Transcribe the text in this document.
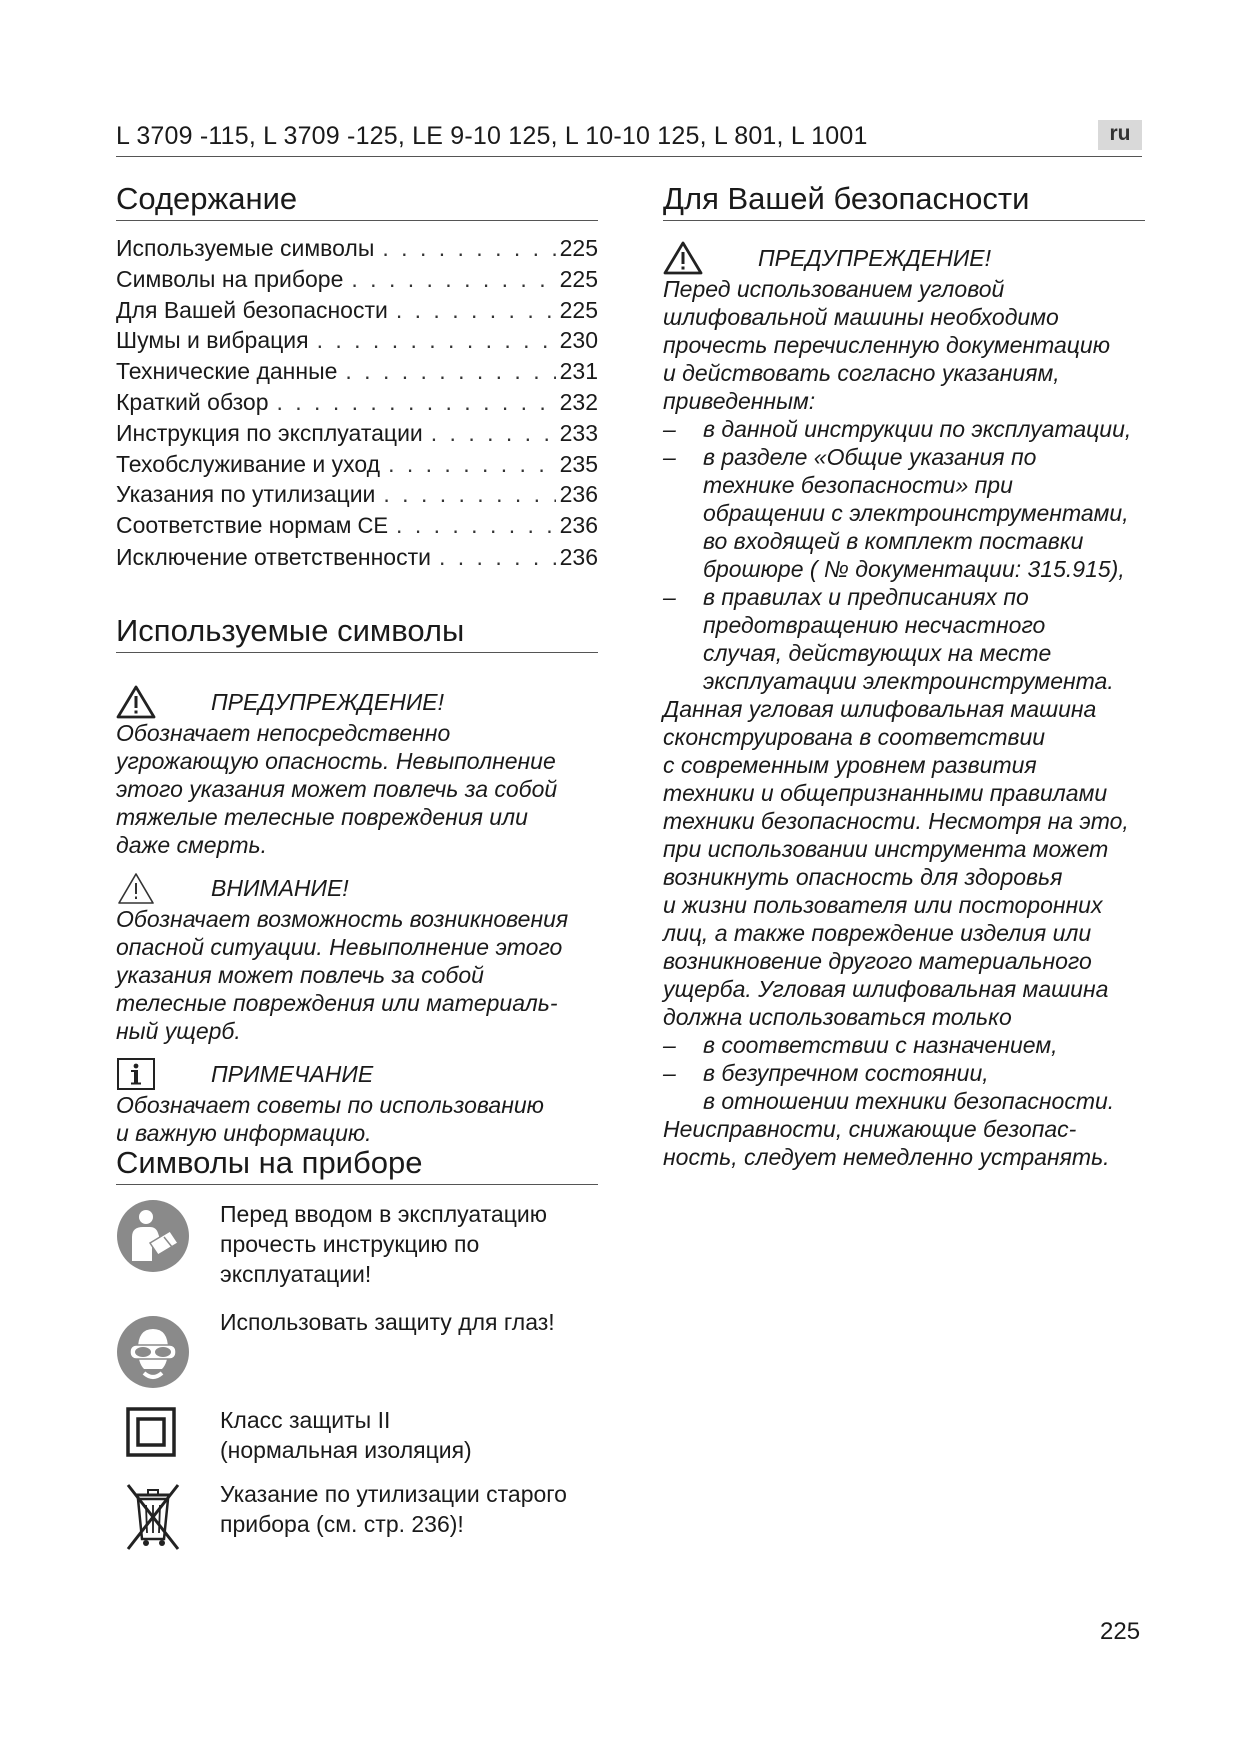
L 3709 -115, L 3709 -125, LE 9-10 125, L 10-10 125, L 801, L 1001	ru
Содержание
Используемые символы . . .	225
Символы на приборе . . .	225
Для Вашей безопасности . . .	225
Шумы и вибрация . . .	230
Технические данные . . .	231
Краткий обзор . . .	232
Инструкция по эксплуатации . . .	233
Техобслуживание и уход . . .	235
Указания по утилизации . . .	236
Соответствие нормам CE . . .	236
Исключение ответственности . . .	236
Используемые символы
ПРЕДУПРЕЖДЕНИЕ!
Обозначает непосредственно
угрожающую опасность. Невыполнение
этого указания может повлечь за собой
тяжелые телесные повреждения или
даже смерть.
ВНИМАНИЕ!
Обозначает возможность возникновения
опасной ситуации. Невыполнение этого
указания может повлечь за собой
телесные повреждения или материаль-
ный ущерб.
ПРИМЕЧАНИЕ
Обозначает советы по использованию
и важную информацию.
Символы на приборе
Перед вводом в эксплуатацию
прочесть инструкцию по
эксплуатации!
Использовать защиту для глаз!
Класс защиты II
(нормальная изоляция)
Указание по утилизации старого
прибора (см. стр. 236)!
Для Вашей безопасности
ПРЕДУПРЕЖДЕНИЕ!
Перед использованием угловой
шлифовальной машины необходимо
прочесть перечисленную документацию
и действовать согласно указаниям,
приведенным:
– в данной инструкции по эксплуатации,
– в разделе «Общие указания по
технике безопасности» при
обращении с электроинструментами,
во входящей в комплект поставки
брошюре ( № документации: 315.915),
– в правилах и предписаниях по
предотвращению несчастного
случая, действующих на месте
эксплуатации электроинструмента.
Данная угловая шлифовальная машина
сконструирована в соответствии
с современным уровнем развития
техники и общепризнанными правилами
техники безопасности. Несмотря на это,
при использовании инструмента может
возникнуть опасность для здоровья
и жизни пользователя или посторонних
лиц, а также повреждение изделия или
возникновение другого материального
ущерба. Угловая шлифовальная машина
должна использоваться только
– в соответствии с назначением,
– в безупречном состоянии,
в отношении техники безопасности.
Неисправности, снижающие безопас-
ность, следует немедленно устранять.
225
